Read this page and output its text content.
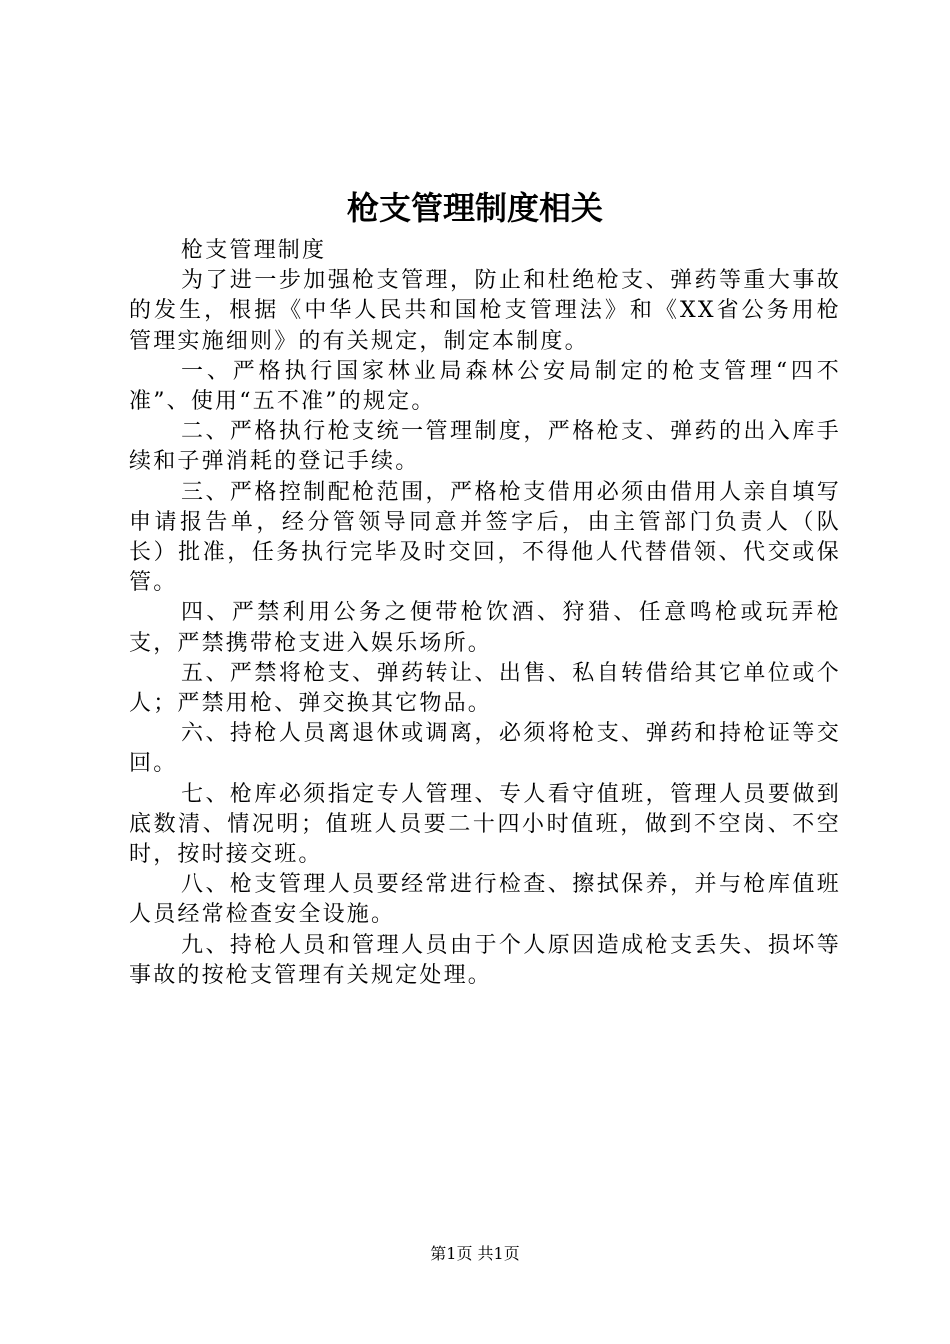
枪支管理制度相关

枪支管理制度

为了进一步加强枪支管理，防止和杜绝枪支、弹药等重大事故的发生，根据《中华人民共和国枪支管理法》和《XX省公务用枪管理实施细则》的有关规定，制定本制度。

一、严格执行国家林业局森林公安局制定的枪支管理“四不准”、使用“五不准”的规定。

二、严格执行枪支统一管理制度，严格枪支、弹药的出入库手续和子弹消耗的登记手续。

三、严格控制配枪范围，严格枪支借用必须由借用人亲自填写申请报告单，经分管领导同意并签字后，由主管部门负责人（队长）批准，任务执行完毕及时交回，不得他人代替借领、代交或保管。

四、严禁利用公务之便带枪饮酒、狩猎、任意鸣枪或玩弄枪支，严禁携带枪支进入娱乐场所。

五、严禁将枪支、弹药转让、出售、私自转借给其它单位或个人；严禁用枪、弹交换其它物品。

六、持枪人员离退休或调离，必须将枪支、弹药和持枪证等交回。

七、枪库必须指定专人管理、专人看守值班，管理人员要做到底数清、情况明；值班人员要二十四小时值班，做到不空岗、不空时，按时接交班。

八、枪支管理人员要经常进行检查、擦拭保养，并与枪库值班人员经常检查安全设施。

九、持枪人员和管理人员由于个人原因造成枪支丢失、损坏等事故的按枪支管理有关规定处理。

第1页 共1页
